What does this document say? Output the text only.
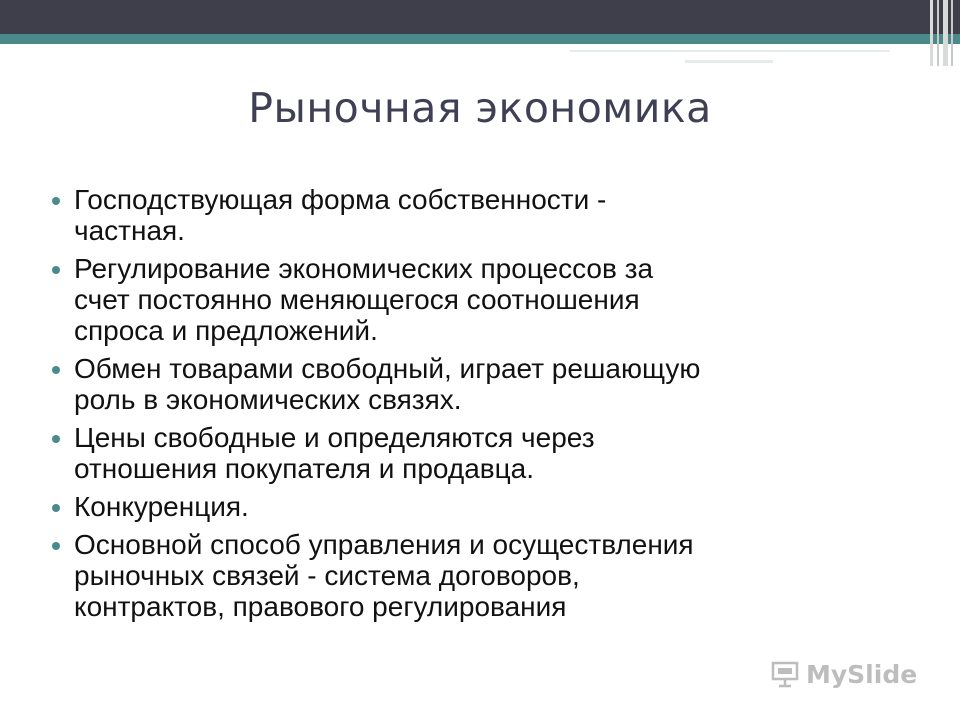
Рыночная экономика
Господствующая форма собственности -
частная.
Регулирование экономических процессов за
счет постоянно меняющегося соотношения
спроса и предложений.
Обмен товарами свободный, играет решающую
роль в экономических связях.
Цены свободные и определяются через
отношения покупателя и продавца.
Конкуренция.
Основной способ управления и осуществления
рыночных связей - система договоров,
контрактов, правового регулирования
MySlide
